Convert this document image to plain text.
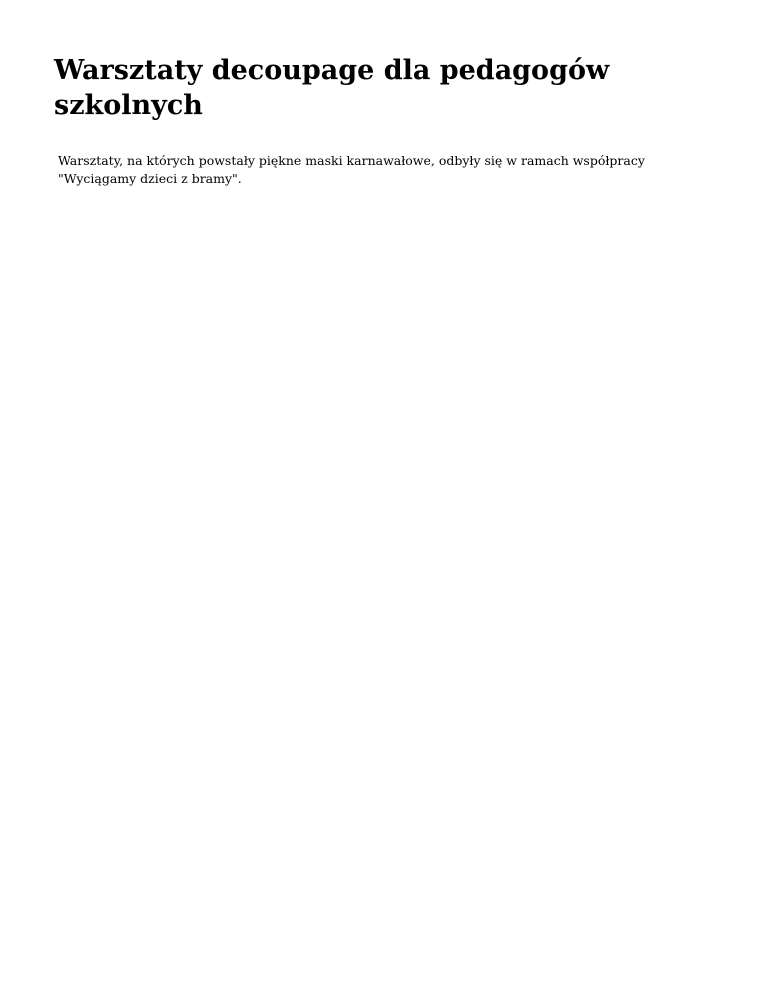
Warsztaty decoupage dla pedagogów szkolnych

Warsztaty, na których powstały piękne maski karnawałowe, odbyły się w ramach współpracy "Wyciągamy dzieci z bramy".
